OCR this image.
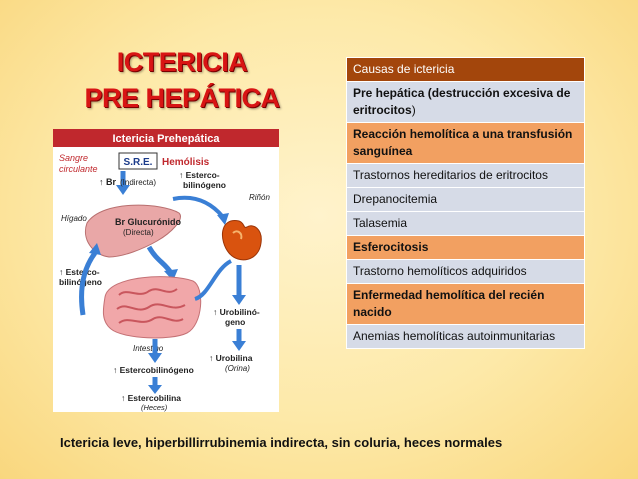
ICTERICIA
PRE HEPÁTICA
Ictericia Prehepática
Sangre
circulante
S.R.E. Hemólisis
↑ Br (Indirecta)
↑ Esterco-
bilinógeno
Riñón
Hígado	Br Glucurónido
(Directa)
↑ Esterco-
bilinógeno
Intestino
↑ Urobilinó-
geno
↑ Urobilina
(Orina)
↑ Estercobilinógeno
↑ Estercobilina
(Heces)
Causas de ictericia
Pre hepática (destrucción excesiva de eritrocitos)
Reacción hemolítica a una transfusión sanguínea
Trastornos hereditarios de eritrocitos
Drepanocitemia
Talasemia
Esferocitosis
Trastorno hemolíticos adquiridos
Enfermedad hemolítica del recién nacido
Anemias hemolíticas autoinmunitarias
Ictericia leve, hiperbillirrubinemia indirecta, sin coluria, heces normales
